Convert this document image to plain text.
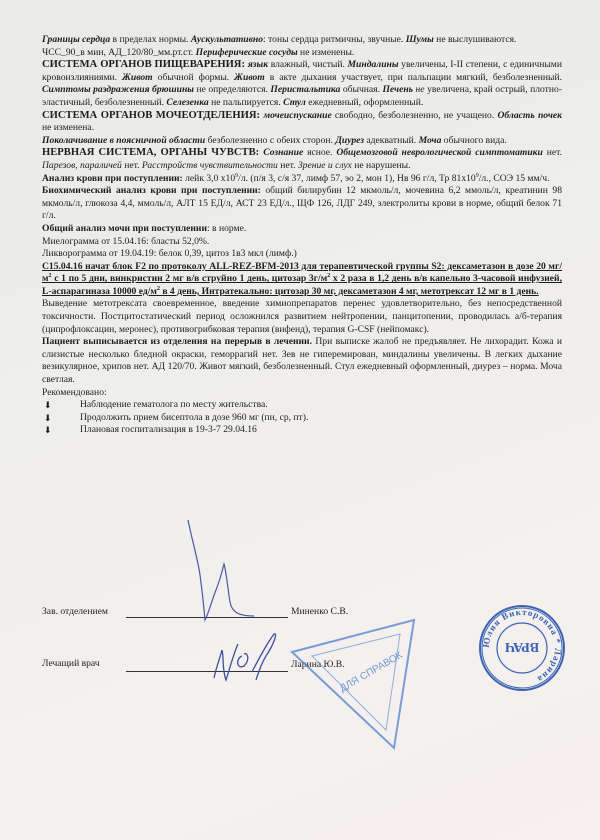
Границы сердца в пределах нормы. Аускультативно: тоны сердца ритмичны, звучные. Шумы не выслушиваются.

ЧСС_90_в мин, АД_120/80_мм.рт.ст. Периферические сосуды не изменены.

СИСТЕМА ОРГАНОВ ПИЩЕВАРЕНИЯ: язык влажный, чистый. Миндалины увеличены, I-II степени, с единичными кровоизлияниями. Живот обычной формы. Живот в акте дыхания участвует, при пальпации мягкий, безболезненный. Симптомы раздражения брюшины не определяются. Перистальтика обычная. Печень не увеличена, край острый, плотно-эластичный, безболезненный. Селезенка не пальпируется. Стул ежедневный, оформленный.

СИСТЕМА ОРГАНОВ МОЧЕОТДЕЛЕНИЯ: мочеиспускание свободно, безболезненно, не учащено. Область почек не изменена.

Поколачивание в поясничной области безболезненно с обеих сторон. Диурез адекватный. Моча обычного вида.

НЕРВНАЯ СИСТЕМА, ОРГАНЫ ЧУВСТВ: Сознание ясное. Общемозговой неврологической симптоматики нет. Парезов, параличей нет. Расстройств чувствительности нет. Зрение и слух не нарушены.

Анализ крови при поступлении: лейк 3,0 $х10^9/л$. (п/я 3, с/я 37, лимф 57, эо 2, мон 1), Нв 96 г/л, Тр $81х10^9/л$., СОЭ 15 мм/ч.

Биохимический анализ крови при поступлении: общий билирубин 12 мкмоль/л, мочевина 6,2 ммоль/л, креатинин 98 мкмоль/л, глюкоза 4,4, ммоль/л, АЛТ 15 ЕД/л, АСТ 23 ЕД/л., ЩФ 126, ЛДГ 249, электролиты крови в норме, общий белок 71 г/л.

Общий анализ мочи при поступлении: в норме.

Миелограмма от 15.04.16: бласты 52,0%.

Ликворограмма от 19.04.19: белок 0,39, цитоз 1в3 мкл (лимф.)

С15.04.16 начат блок F2 по протоколу ALL-REZ-BFM-2013 для терапевтической группы S2: дексаметазон в дозе 20 $мг/м^2$ с 1 по 5 дни, винкристин 2 мг в/в струйно 1 день, цитозар $3г/м^2$ х 2 раза в 1,2 день в/в капельно 3-часовой инфузией, L-аспарагиназа 10000 $ед/м^2$ в 4 день, Интратекально: цитозар 30 мг, дексаметазон 4 мг, метотрексат 12 мг в 1 день.

Выведение метотрексата своевременное, введение химиопрепаратов перенес удовлетворительно, без непосредственной токсичности. Постцитостатический период осложнился развитием нейтропении, панцитопении, проводилась а/б-терапия (ципрофлоксацин, меронес), противогрибковая терапия (вифенд), терапия G-CSF (нейпомакс).

Пациент выписывается из отделения на перерыв в лечении. При выписке жалоб не предъявляет. Не лихорадит. Кожа и слизистые несколько бледной окраски, геморрагий нет. Зев не гиперемирован, миндалины увеличены. В легких дыхание везикулярное, хрипов нет. АД 120/70. Живот мягкий, безболезненный. Стул ежедневный оформленный, диурез – норма. Моча светлая.

Рекомендовано:

⬇	Наблюдение гематолога по месту жительства.
⬇	Продолжить прием бисептола в дозе 960 мг (пн, ср, пт).
⬇	Плановая госпитализация в 19-3-7 29.04.16
Зав. отделением	Миненко С.В.
Лечащий врач	Ларина Ю.В.
ДЛЯ СПРАВОК
Юлия Викторовна * Ларина
ВРАЧ
